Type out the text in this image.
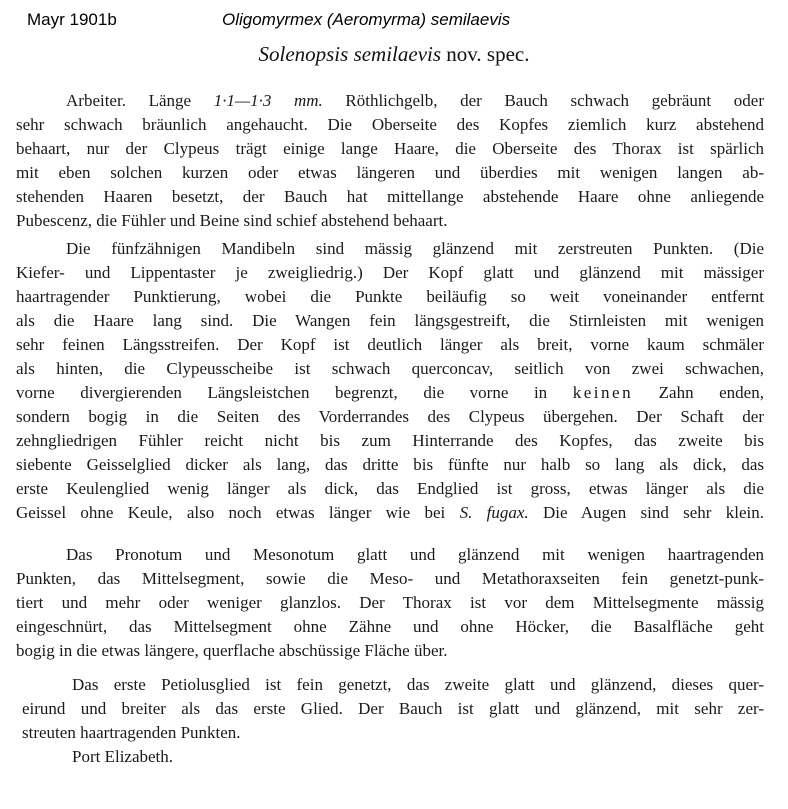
Mayr 1901b	Oligomyrmex (Aeromyrma) semilaevis
Solenopsis semilaevis nov. spec.
Arbeiter. Länge 1·1—1·3 mm. Röthlichgelb, der Bauch schwach gebräunt oder
sehr schwach bräunlich angehaucht. Die Oberseite des Kopfes ziemlich kurz abstehend
behaart, nur der Clypeus trägt einige lange Haare, die Oberseite des Thorax ist spärlich
mit eben solchen kurzen oder etwas längeren und überdies mit wenigen langen ab-
stehenden Haaren besetzt, der Bauch hat mittellange abstehende Haare ohne anliegende
Pubescenz, die Fühler und Beine sind schief abstehend behaart.
Die fünfzähnigen Mandibeln sind mässig glänzend mit zerstreuten Punkten. (Die
Kiefer- und Lippentaster je zweigliedrig.) Der Kopf glatt und glänzend mit mässiger
haartragender Punktierung, wobei die Punkte beiläufig so weit voneinander entfernt
als die Haare lang sind. Die Wangen fein längsgestreift, die Stirnleisten mit wenigen
sehr feinen Längsstreifen. Der Kopf ist deutlich länger als breit, vorne kaum schmäler
als hinten, die Clypeusscheibe ist schwach querconcav, seitlich von zwei schwachen,
vorne divergierenden Längsleistchen begrenzt, die vorne in keinen Zahn enden,
sondern bogig in die Seiten des Vorderrandes des Clypeus übergehen. Der Schaft der
zehngliedrigen Fühler reicht nicht bis zum Hinterrande des Kopfes, das zweite bis
siebente Geisselglied dicker als lang, das dritte bis fünfte nur halb so lang als dick, das
erste Keulenglied wenig länger als dick, das Endglied ist gross, etwas länger als die
Geissel ohne Keule, also noch etwas länger wie bei S. fugax. Die Augen sind sehr klein.
Das Pronotum und Mesonotum glatt und glänzend mit wenigen haartragenden
Punkten, das Mittelsegment, sowie die Meso- und Metathoraxseiten fein genetzt-punk-
tiert und mehr oder weniger glanzlos. Der Thorax ist vor dem Mittelsegmente mässig
eingeschnürt, das Mittelsegment ohne Zähne und ohne Höcker, die Basalfläche geht
bogig in die etwas längere, querflache abschüssige Fläche über.
Das erste Petiolusglied ist fein genetzt, das zweite glatt und glänzend, dieses quer-
eirund und breiter als das erste Glied. Der Bauch ist glatt und glänzend, mit sehr zer-
streuten haartragenden Punkten.
Port Elizabeth.
